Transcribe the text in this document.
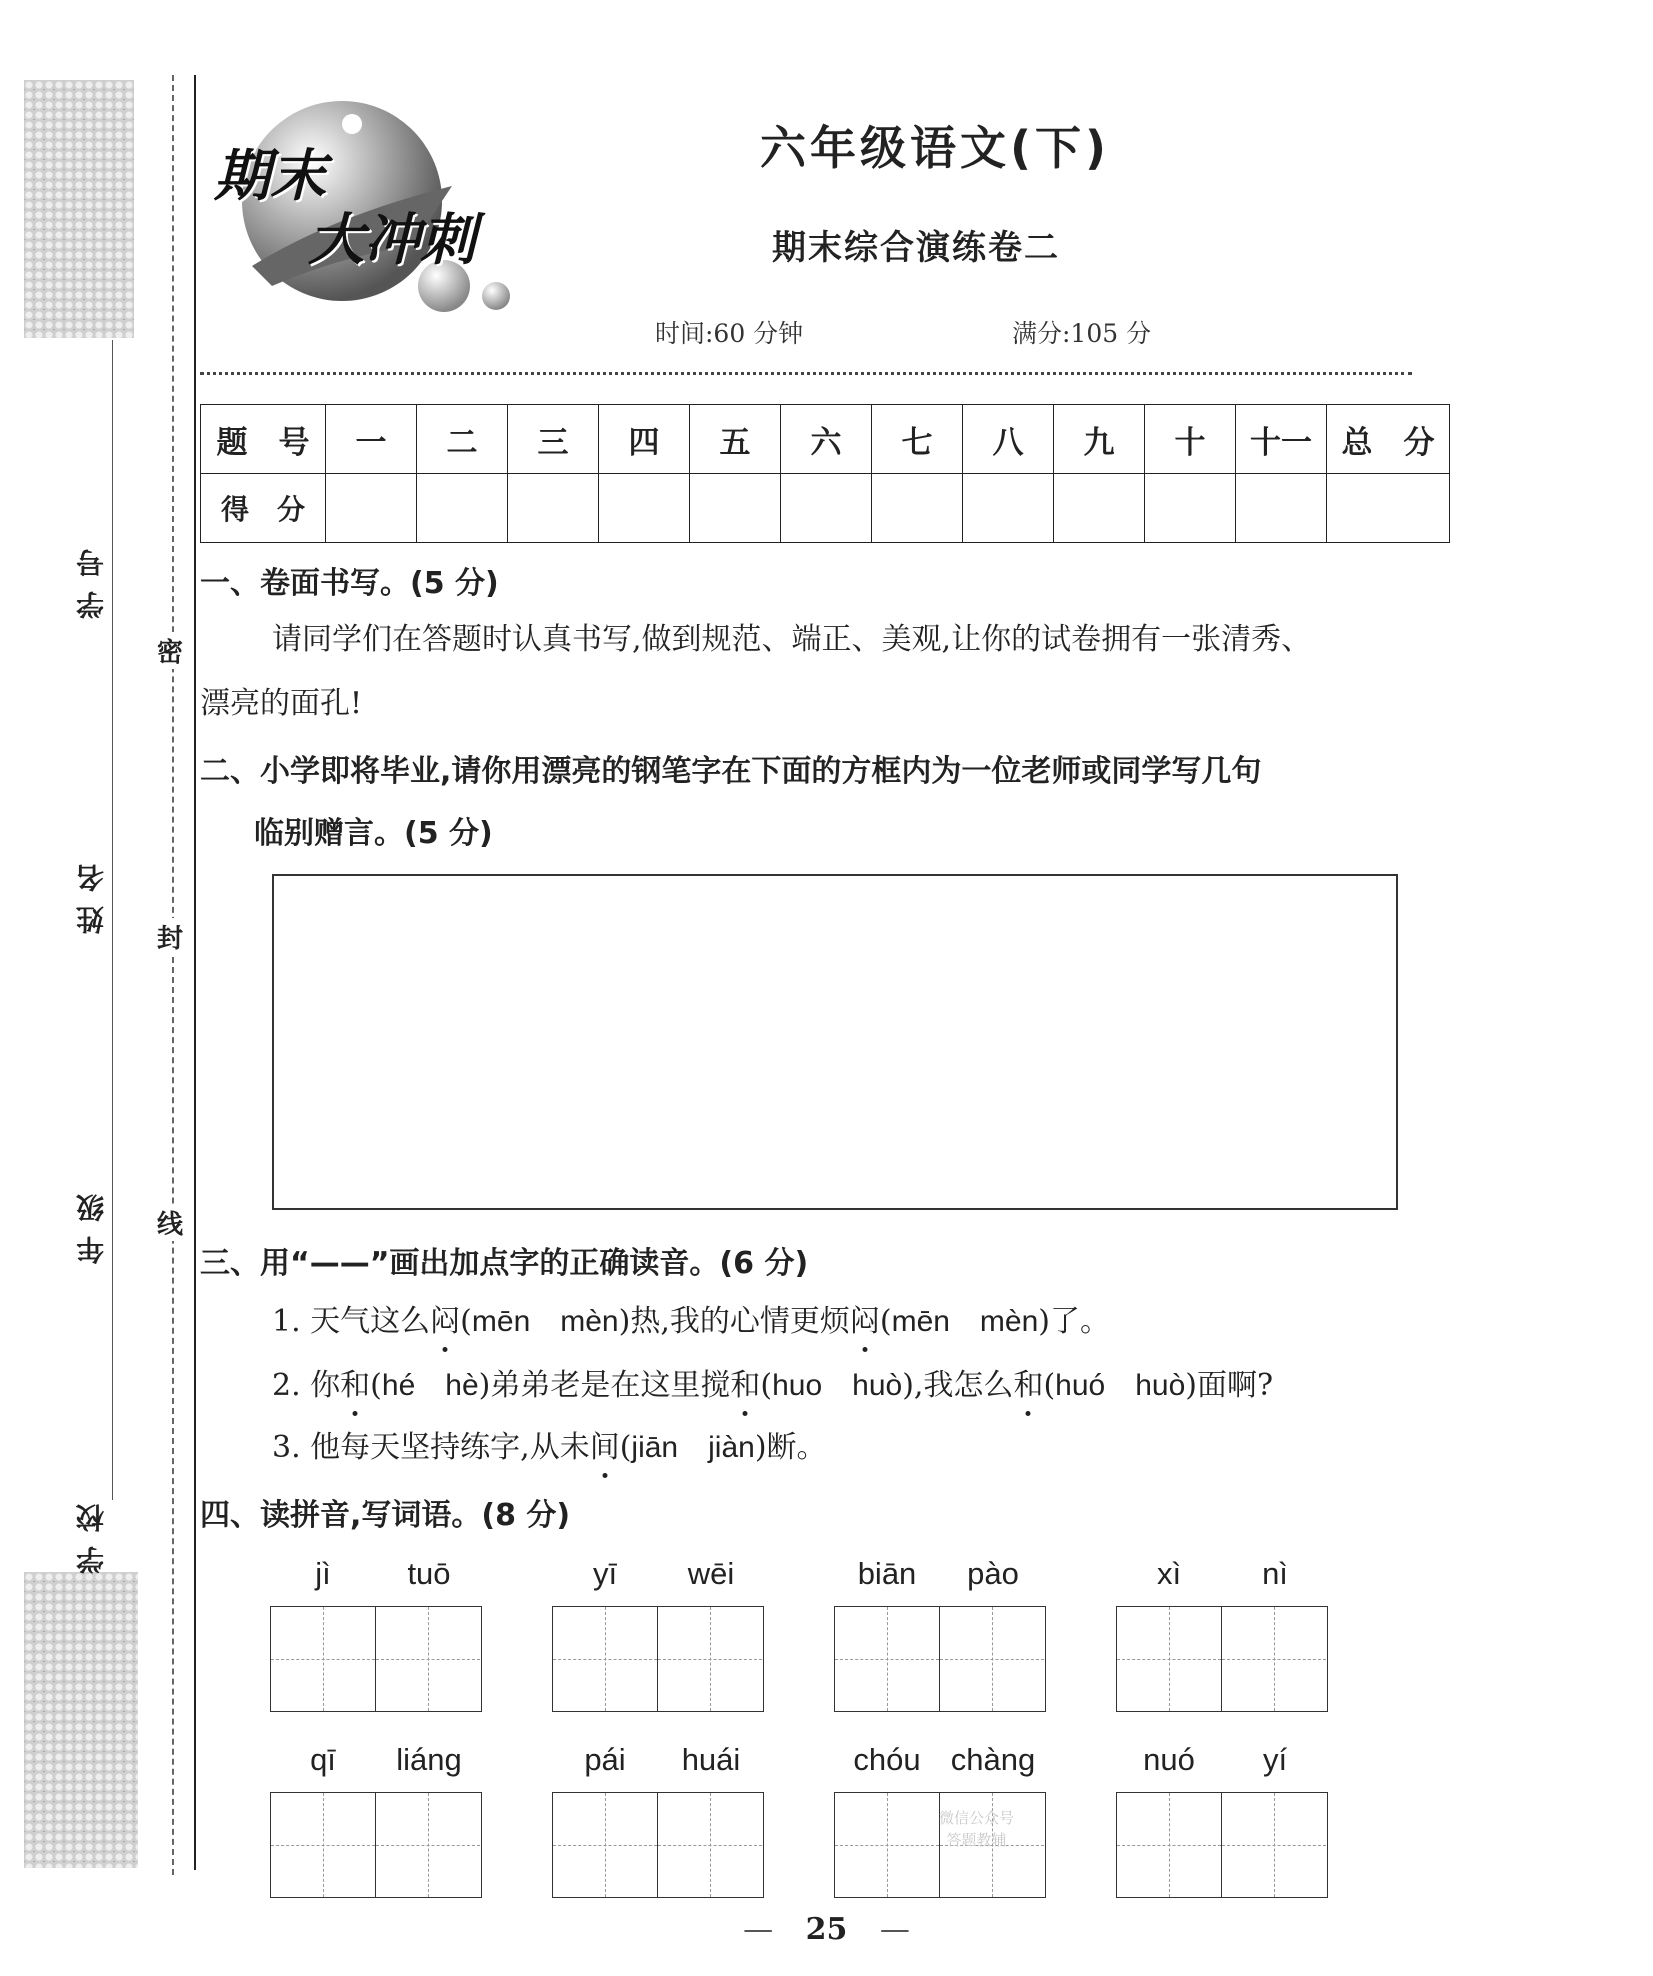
学号
姓名
年级
学校
密
封
线
期末
大冲刺
六年级语文(下)
期末综合演练卷二
时间:60 分钟	满分:105 分
题　号	一	二	三	四	五	六	七	八	九	十	十一	总　分
得　分												
一、卷面书写。(5 分)
请同学们在答题时认真书写,做到规范、端正、美观,让你的试卷拥有一张清秀、
漂亮的面孔!
二、小学即将毕业,请你用漂亮的钢笔字在下面的方框内为一位老师或同学写几句
临别赠言。(5 分)
三、用“——”画出加点字的正确读音。(6 分)
1. 天气这么闷(mēn　mèn)热,我的心情更烦闷(mēn　mèn)了。
2. 你和(hé　hè)弟弟老是在这里搅和(huo　huò),我怎么和(huó　huò)面啊?
3. 他每天坚持练字,从未间(jiān　jiàn)断。
四、读拼音,写词语。(8 分)
jì	tuō	yī	wēi	biān	pào	xì	nì
qī	liáng	pái	huái	chóu chàng
微信公众号
答题教辅
nuó	yí
— 25 —
